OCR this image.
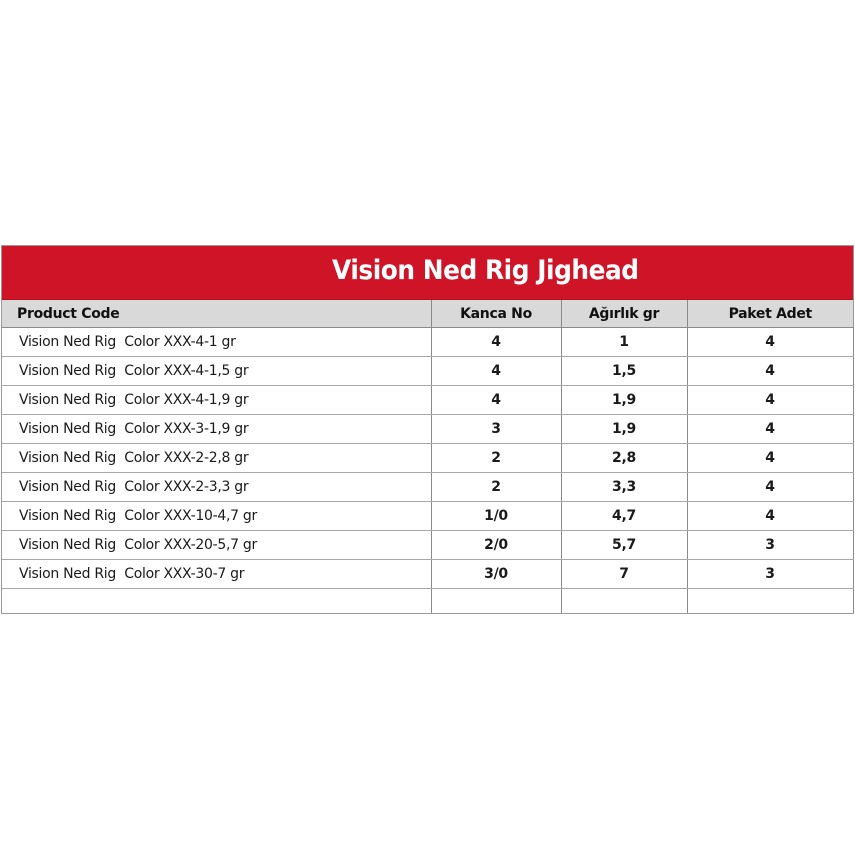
Vision Ned Rig Jighead
Product Code	Kanca No	Ağırlık gr	Paket Adet
Vision Ned Rig  Color XXX-4-1 gr	4	1	4
Vision Ned Rig  Color XXX-4-1,5 gr	4	1,5	4
Vision Ned Rig  Color XXX-4-1,9 gr	4	1,9	4
Vision Ned Rig  Color XXX-3-1,9 gr	3	1,9	4
Vision Ned Rig  Color XXX-2-2,8 gr	2	2,8	4
Vision Ned Rig  Color XXX-2-3,3 gr	2	3,3	4
Vision Ned Rig  Color XXX-10-4,7 gr	1/0	4,7	4
Vision Ned Rig  Color XXX-20-5,7 gr	2/0	5,7	3
Vision Ned Rig  Color XXX-30-7 gr	3/0	7	3
